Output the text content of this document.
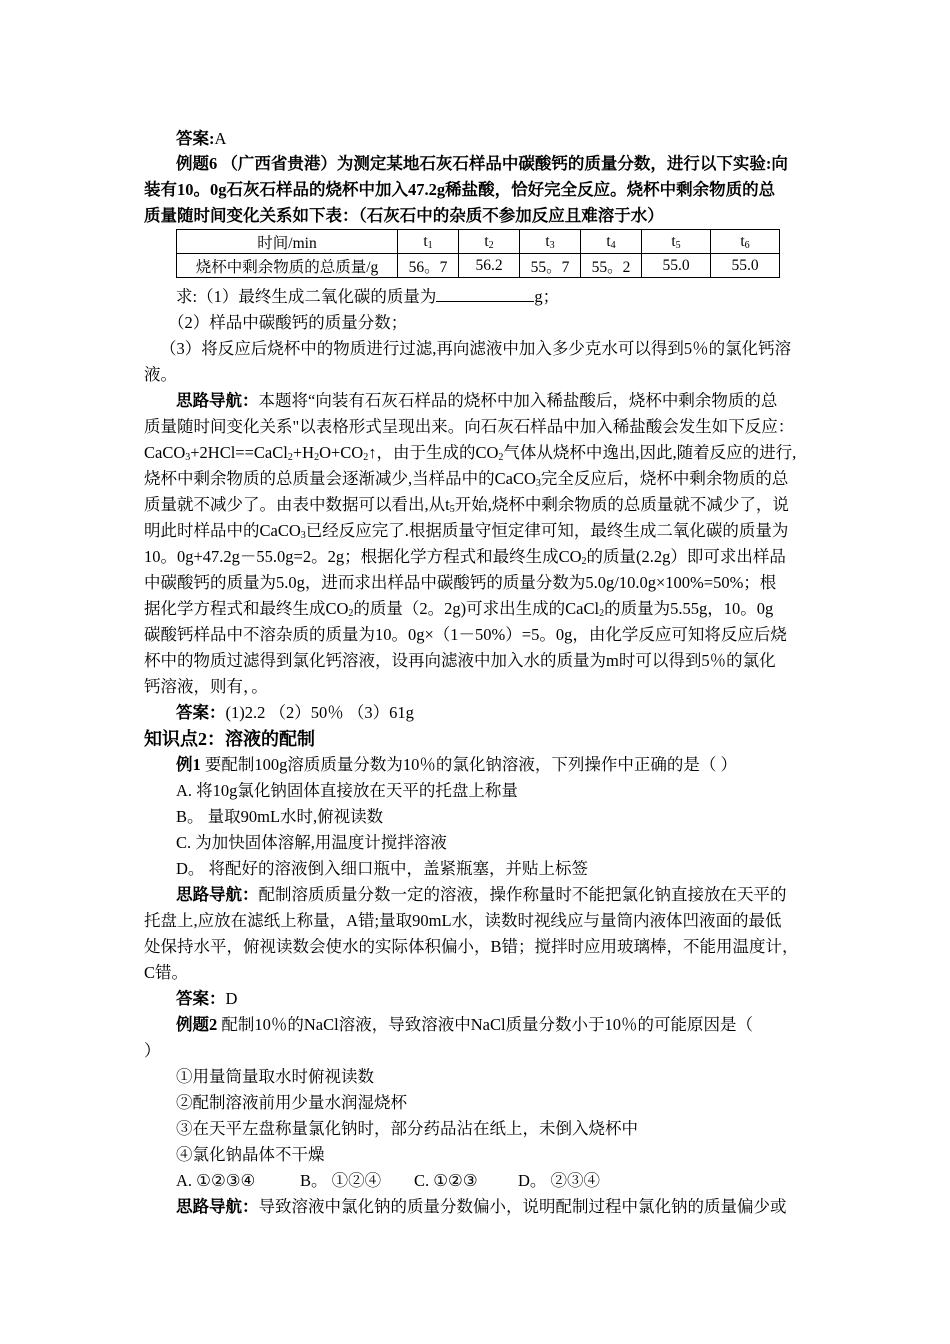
答案:A
例题6 （广西省贵港）为测定某地石灰石样品中碳酸钙的质量分数，进行以下实验:向
装有10。0g石灰石样品的烧杯中加入47.2g稀盐酸，恰好完全反应。烧杯中剩余物质的总
质量随时间变化关系如下表：（石灰石中的杂质不参加反应且难溶于水）
时间/min	$t_1$	$t_2$	$t_3$	$t_4$	$t_5$	$t_6$
烧杯中剩余物质的总质量/g	56。7	56.2	55。7	55。2	55.0	55.0
求:（1）最终生成二氧化碳的质量为	g；
（2）样品中碳酸钙的质量分数；
（3）将反应后烧杯中的物质进行过滤,再向滤液中加入多少克水可以得到5％的氯化钙溶
液。
思路导航：本题将“向装有石灰石样品的烧杯中加入稀盐酸后，烧杯中剩余物质的总
质量随时间变化关系"以表格形式呈现出来。向石灰石样品中加入稀盐酸会发生如下反应：
$CaCO_3+2HCl==CaCl_2+H_2O+CO_2↑$，由于生成的$CO_2$气体从烧杯中逸出,因此,随着反应的进行,
烧杯中剩余物质的总质量会逐渐减少,当样品中的CaCO$_3$完全反应后，烧杯中剩余物质的总
质量就不减少了。由表中数据可以看出,从$t_5$开始,烧杯中剩余物质的总质量就不减少了，说
明此时样品中的CaCO$_3$已经反应完了.根据质量守恒定律可知，最终生成二氧化碳的质量为
10。0g+47.2g－55.0g=2。2g；根据化学方程式和最终生成$CO_2$的质量(2.2g）即可求出样品
中碳酸钙的质量为5.0g，进而求出样品中碳酸钙的质量分数为5.0g/10.0g×100%=50%；根
据化学方程式和最终生成$CO_2$的质量（2。2g)可求出生成的CaCl$_2$的质量为5.55g，10。0g
碳酸钙样品中不溶杂质的质量为10。0g×（1－50%）=5。0g，由化学反应可知将反应后烧
杯中的物质过滤得到氯化钙溶液，设再向滤液中加入水的质量为m时可以得到5％的氯化
钙溶液，则有，。
答案：(1)2.2 （2）50％ （3）61g
知识点2：溶液的配制
例1 要配制100g溶质质量分数为10％的氯化钠溶液，下列操作中正确的是（ ）
A. 将10g氯化钠固体直接放在天平的托盘上称量
B。 量取90mL水时,俯视读数
C. 为加快固体溶解,用温度计搅拌溶液
D。 将配好的溶液倒入细口瓶中，盖紧瓶塞，并贴上标签
思路导航：配制溶质质量分数一定的溶液，操作称量时不能把氯化钠直接放在天平的
托盘上,应放在滤纸上称量，A错;量取90mL水，读数时视线应与量筒内液体凹液面的最低
处保持水平，俯视读数会使水的实际体积偏小，B错；搅拌时应用玻璃棒，不能用温度计，
C错。
答案：D
例题2 配制10％的NaCl溶液，导致溶液中NaCl质量分数小于10％的可能原因是（
）
①用量筒量取水时俯视读数
②配制溶液前用少量水润湿烧杯
③在天平左盘称量氯化钠时，部分药品沾在纸上，未倒入烧杯中
④氯化钠晶体不干燥
A. ①②③④	B。 ①②④ C. ①②③ D。 ②③④
思路导航：导致溶液中氯化钠的质量分数偏小，说明配制过程中氯化钠的质量偏少或
